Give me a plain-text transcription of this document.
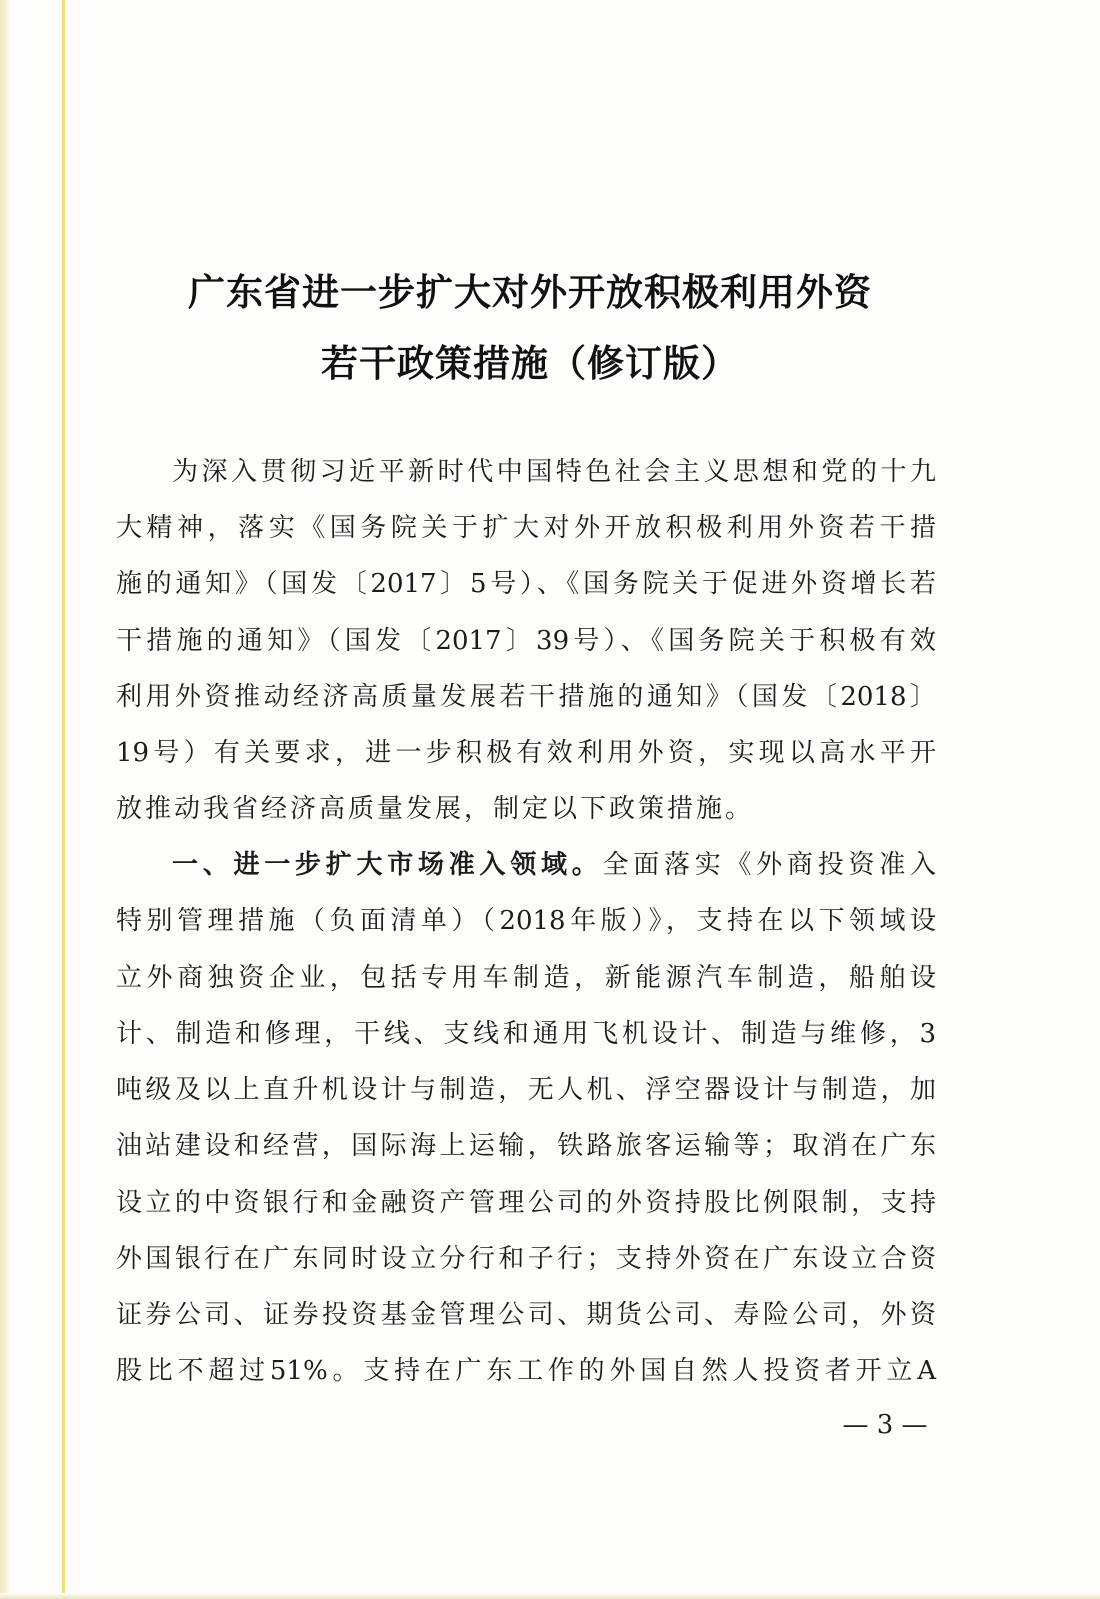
广东省进一步扩大对外开放积极利用外资
若干政策措施（修订版）
为深入贯彻习近平新时代中国特色社会主义思想和党的十九
大精神，落实《国务院关于扩大对外开放积极利用外资若干措
施的通知》（国发〔2017〕5号）、《国务院关于促进外资增长若
干措施的通知》（国发〔2017〕39号）、《国务院关于积极有效
利用外资推动经济高质量发展若干措施的通知》（国发〔2018〕
19号）有关要求，进一步积极有效利用外资，实现以高水平开
放推动我省经济高质量发展，制定以下政策措施。
一、进一步扩大市场准入领域。全面落实《外商投资准入
特别管理措施（负面清单）（2018年版）》，支持在以下领域设
立外商独资企业，包括专用车制造，新能源汽车制造，船舶设
计、制造和修理，干线、支线和通用飞机设计、制造与维修，3
吨级及以上直升机设计与制造，无人机、浮空器设计与制造，加
油站建设和经营，国际海上运输，铁路旅客运输等；取消在广东
设立的中资银行和金融资产管理公司的外资持股比例限制，支持
外国银行在广东同时设立分行和子行；支持外资在广东设立合资
证券公司、证券投资基金管理公司、期货公司、寿险公司，外资
股比不超过51%。支持在广东工作的外国自然人投资者开立A
— 3 —
